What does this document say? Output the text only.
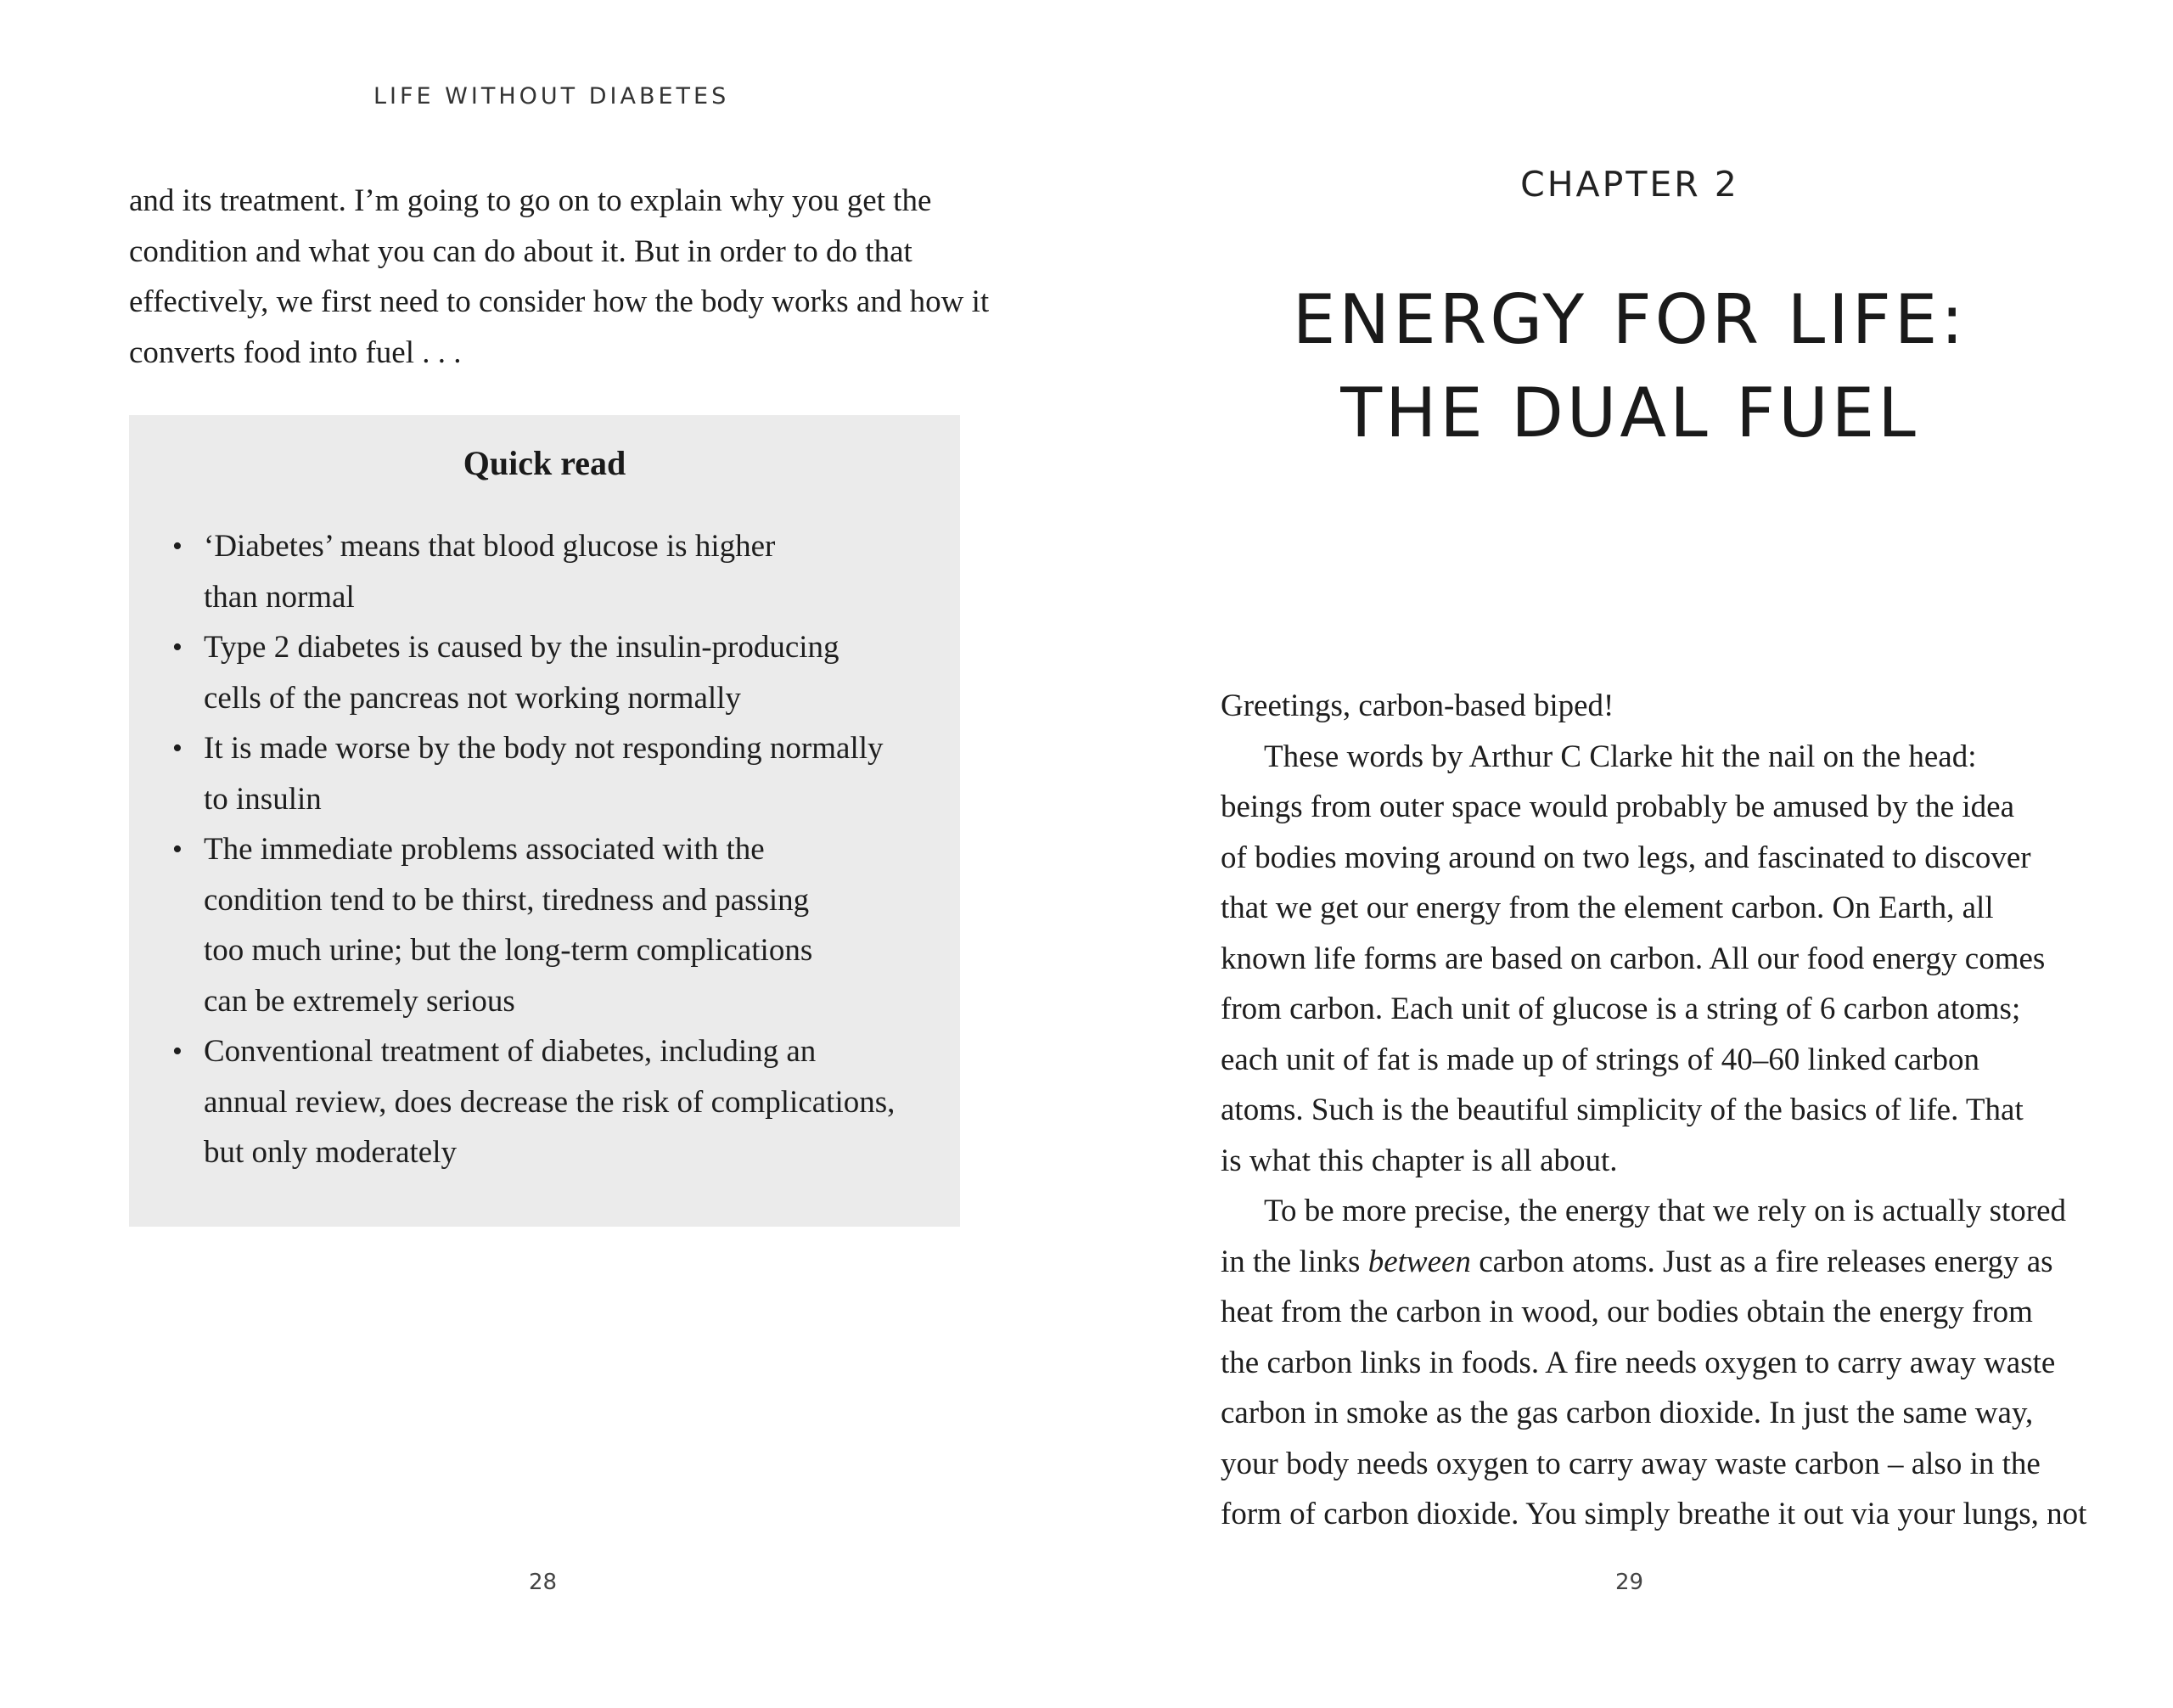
LIFE WITHOUT DIABETES
and its treatment. I’m going to go on to explain why you get the
condition and what you can do about it. But in order to do that
effectively, we first need to consider how the body works and how it
converts food into fuel . . .
Quick read
• ‘Diabetes’ means that blood glucose is higher
than normal
• Type 2 diabetes is caused by the insulin-producing
cells of the pancreas not working normally
• It is made worse by the body not responding normally
to insulin
• The immediate problems associated with the
condition tend to be thirst, tiredness and passing
too much urine; but the long-term complications
can be extremely serious
• Conventional treatment of diabetes, including an
annual review, does decrease the risk of complications,
but only moderately
28
CHAPTER 2
ENERGY FOR LIFE:
THE DUAL FUEL
Greetings, carbon-based biped!
These words by Arthur C Clarke hit the nail on the head:
beings from outer space would probably be amused by the idea
of bodies moving around on two legs, and fascinated to discover
that we get our energy from the element carbon. On Earth, all
known life forms are based on carbon. All our food energy comes
from carbon. Each unit of glucose is a string of 6 carbon atoms;
each unit of fat is made up of strings of 40–60 linked carbon
atoms. Such is the beautiful simplicity of the basics of life. That
is what this chapter is all about.
To be more precise, the energy that we rely on is actually stored
in the links between carbon atoms. Just as a fire releases energy as
heat from the carbon in wood, our bodies obtain the energy from
the carbon links in foods. A fire needs oxygen to carry away waste
carbon in smoke as the gas carbon dioxide. In just the same way,
your body needs oxygen to carry away waste carbon – also in the
form of carbon dioxide. You simply breathe it out via your lungs, not
29
